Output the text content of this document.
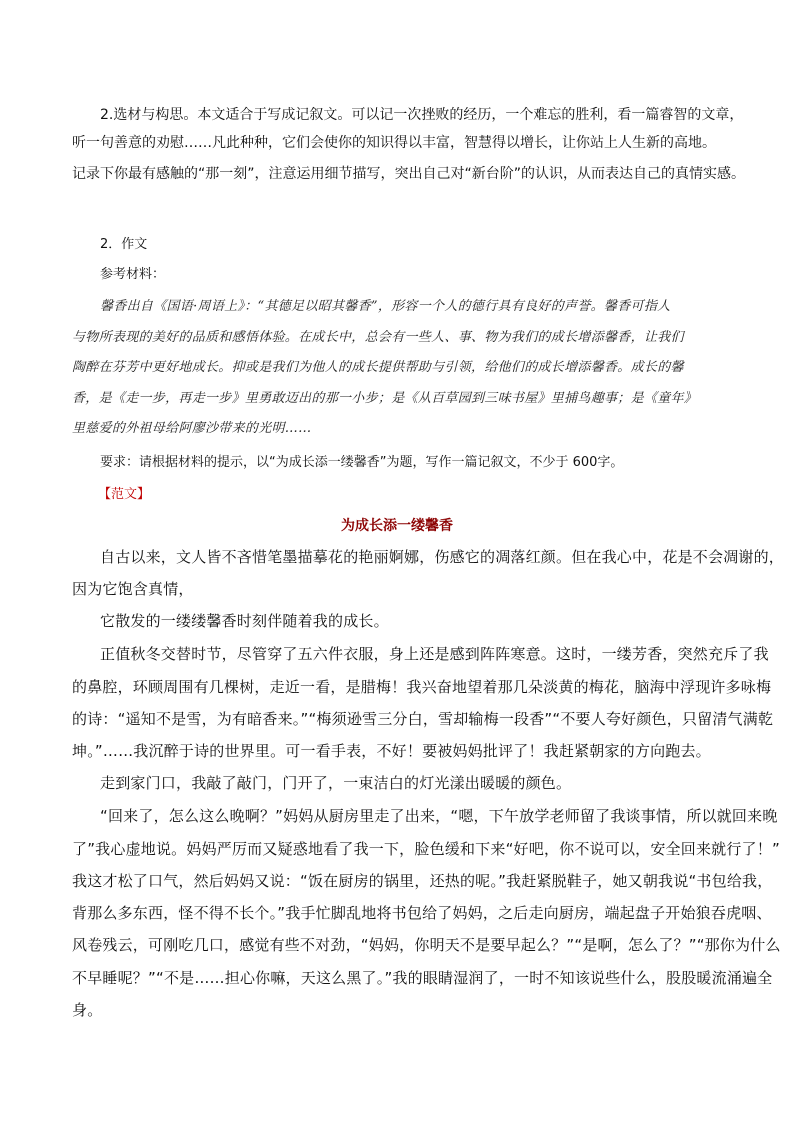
2.选材与构思。本文适合于写成记叙文。可以记一次挫败的经历，一个难忘的胜利，看一篇睿智的文章，
听一句善意的劝慰……凡此种种，它们会使你的知识得以丰富，智慧得以增长，让你站上人生新的高地。
记录下你最有感触的“那一刻”，注意运用细节描写，突出自己对“新台阶”的认识，从而表达自己的真情实感。
2．作文
参考材料：
馨香出自《国语·周语上》：“其德足以昭其馨香”，形容一个人的德行具有良好的声誉。馨香可指人
与物所表现的美好的品质和感悟体验。在成长中，总会有一些人、事、物为我们的成长增添馨香，让我们
陶醉在芬芳中更好地成长。抑或是我们为他人的成长提供帮助与引领，给他们的成长增添馨香。成长的馨
香，是《走一步，再走一步》里勇敢迈出的那一小步；是《从百草园到三味书屋》里捕鸟趣事；是《童年》
里慈爱的外祖母给阿廖沙带来的光明……
要求：请根据材料的提示，以“为成长添一缕馨香”为题，写作一篇记叙文，不少于 600字。
【范文】
为成长添一缕馨香
自古以来，文人皆不吝惜笔墨描摹花的艳丽婀娜，伤感它的凋落红颜。但在我心中，花是不会凋谢的，
因为它饱含真情，
它散发的一缕缕馨香时刻伴随着我的成长。
正值秋冬交替时节，尽管穿了五六件衣服，身上还是感到阵阵寒意。这时，一缕芳香，突然充斥了我
的鼻腔，环顾周围有几棵树，走近一看，是腊梅！我兴奋地望着那几朵淡黄的梅花，脑海中浮现许多咏梅
的诗：“遥知不是雪，为有暗香来。”“梅须逊雪三分白，雪却输梅一段香”“不要人夸好颜色，只留清气满乾
坤。”……我沉醉于诗的世界里。可一看手表，不好！要被妈妈批评了！我赶紧朝家的方向跑去。
走到家门口，我敲了敲门，门开了，一束洁白的灯光漾出暖暖的颜色。
“回来了，怎么这么晚啊？”妈妈从厨房里走了出来，“嗯，下午放学老师留了我谈事情，所以就回来晚
了”我心虚地说。妈妈严厉而又疑惑地看了我一下，脸色缓和下来“好吧，你不说可以，安全回来就行了！”
我这才松了口气，然后妈妈又说：“饭在厨房的锅里，还热的呢。”我赶紧脱鞋子，她又朝我说“书包给我，
背那么多东西，怪不得不长个。”我手忙脚乱地将书包给了妈妈，之后走向厨房，端起盘子开始狼吞虎咽、
风卷残云，可刚吃几口，感觉有些不对劲，“妈妈，你明天不是要早起么？”“是啊，怎么了？”“那你为什么
不早睡呢？”“不是……担心你嘛，天这么黑了。”我的眼睛湿润了，一时不知该说些什么，股股暖流涌遍全
身。
